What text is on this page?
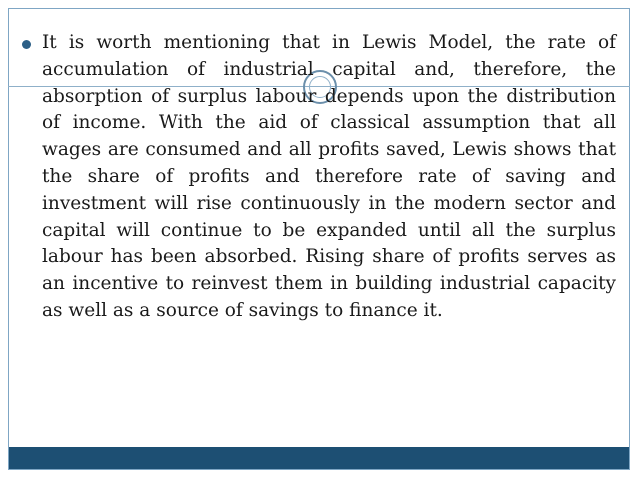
It is worth mentioning that in Lewis Model, the rate of accumulation of industrial capital and, therefore, the absorption of surplus labour depends upon the distribution of income. With the aid of classical assumption that all wages are consumed and all profits saved, Lewis shows that the share of profits and therefore rate of saving and investment will rise continuously in the modern sector and capital will continue to be expanded until all the surplus labour has been absorbed. Rising share of profits serves as an incentive to reinvest them in building industrial capacity as well as a source of savings to finance it.
